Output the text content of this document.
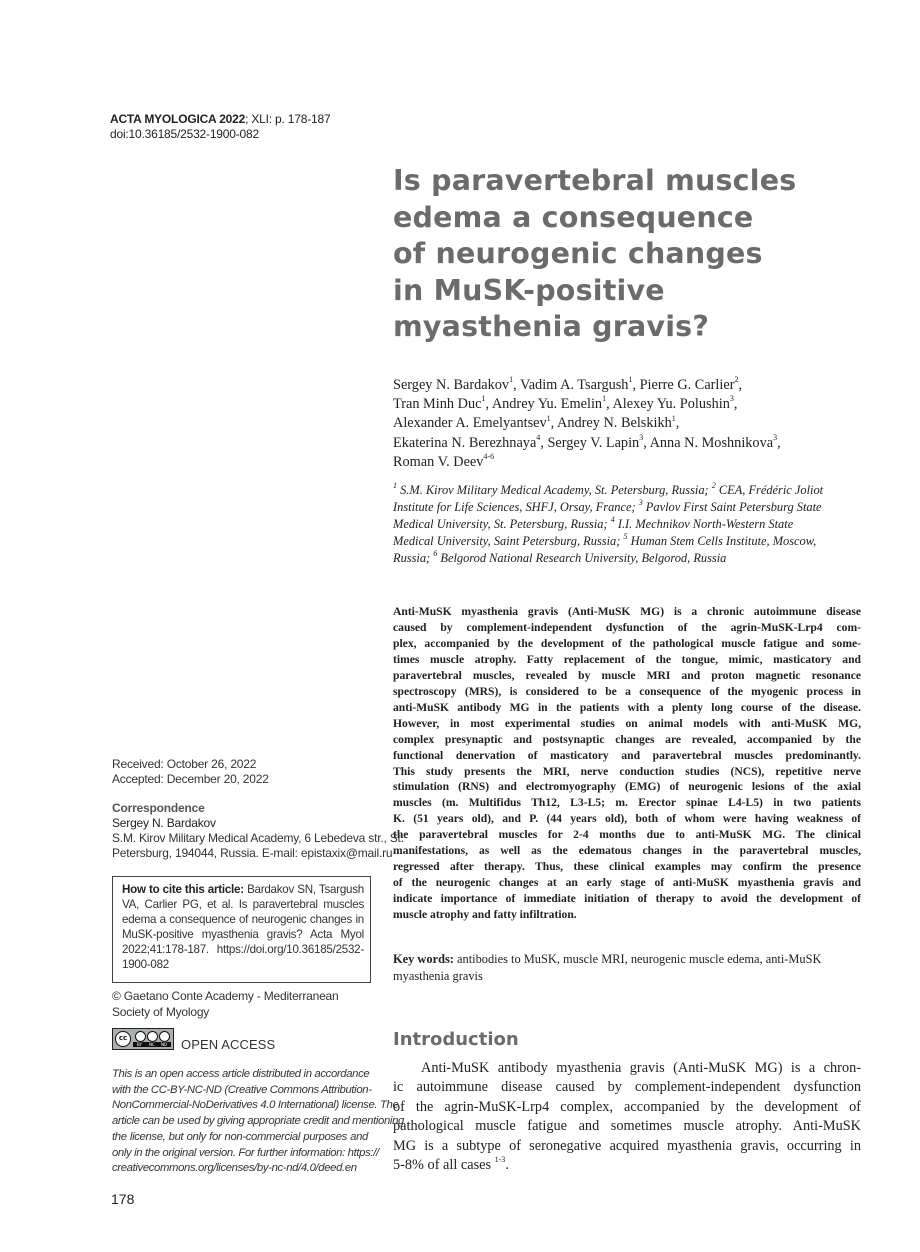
ACTA MYOLOGICA 2022; XLI: p. 178-187
doi:10.36185/2532-1900-082
Is paravertebral muscles
edema a consequence
of neurogenic changes
in MuSK-positive
myasthenia gravis?
Sergey N. Bardakov$^1$, Vadim A. Tsargush$^1$, Pierre G. Carlier$^2$,
Tran Minh Duc$^1$, Andrey Yu. Emelin$^1$, Alexey Yu. Polushin$^3$,
Alexander A. Emelyantsev$^1$, Andrey N. Belskikh$^1$,
Ekaterina N. Berezhnaya$^4$, Sergey V. Lapin$^3$, Anna N. Moshnikova$^3$,
Roman V. Deev$^{4-6}$
$^1$ S.M. Kirov Military Medical Academy, St. Petersburg, Russia; $^2$ CEA, Frédéric Joliot
Institute for Life Sciences, SHFJ, Orsay, France; $^3$ Pavlov First Saint Petersburg State
Medical University, St. Petersburg, Russia; $^4$ I.I. Mechnikov North-Western State
Medical University, Saint Petersburg, Russia; $^5$ Human Stem Cells Institute, Moscow,
Russia; $^6$ Belgorod National Research University, Belgorod, Russia
Anti-MuSK myasthenia gravis (Anti-MuSK MG) is a chronic autoimmune disease
caused by complement-independent dysfunction of the agrin-MuSK-Lrp4 com-
plex, accompanied by the development of the pathological muscle fatigue and some-
times muscle atrophy. Fatty replacement of the tongue, mimic, masticatory and
paravertebral muscles, revealed by muscle MRI and proton magnetic resonance
spectroscopy (MRS), is considered to be a consequence of the myogenic process in
anti-MuSK antibody MG in the patients with a plenty long course of the disease.
However, in most experimental studies on animal models with anti-MuSK MG,
complex presynaptic and postsynaptic changes are revealed, accompanied by the
functional denervation of masticatory and paravertebral muscles predominantly.
This study presents the MRI, nerve conduction studies (NCS), repetitive nerve
stimulation (RNS) and electromyography (EMG) of neurogenic lesions of the axial
muscles (m. Multifidus Th12, L3-L5; m. Erector spinae L4-L5) in two patients
K. (51 years old), and P. (44 years old), both of whom were having weakness of
the paravertebral muscles for 2-4 months due to anti-MuSK MG. The clinical
manifestations, as well as the edematous changes in the paravertebral muscles,
regressed after therapy. Thus, these clinical examples may confirm the presence
of the neurogenic changes at an early stage of anti-MuSK myasthenia gravis and
indicate importance of immediate initiation of therapy to avoid the development of
muscle atrophy and fatty infiltration.
Key words: antibodies to MuSK, muscle MRI, neurogenic muscle edema, anti-MuSK myasthenia gravis
Introduction
Anti-MuSK antibody myasthenia gravis (Anti-MuSK MG) is a chron-
ic autoimmune disease caused by complement-independent dysfunction
of the agrin-MuSK-Lrp4 complex, accompanied by the development of
pathological muscle fatigue and sometimes muscle atrophy. Anti-MuSK
MG is a subtype of seronegative acquired myasthenia gravis, occurring in
5-8% of all cases $^{1-3}$.
Received: October 26, 2022
Accepted: December 20, 2022
Correspondence
Sergey N. Bardakov
S.M. Kirov Military Medical Academy, 6 Lebedeva str., St.
Petersburg, 194044, Russia. E-mail: epistaxix@mail.ru
How to cite this article: Bardakov SN, Tsargush
VA, Carlier PG, et al. Is paravertebral muscles
edema a consequence of neurogenic changes in
MuSK-positive myasthenia gravis? Acta Myol
2022;41:178-187. https://doi.org/10.36185/2532-
1900-082
© Gaetano Conte Academy - Mediterranean Society of Myology
cc
BY NC ND OPEN ACCESS
This is an open access article distributed in accordance
with the CC-BY-NC-ND (Creative Commons Attribution-
NonCommercial-NoDerivatives 4.0 International) license. The
article can be used by giving appropriate credit and mentioning
the license, but only for non-commercial purposes and
only in the original version. For further information: https://
creativecommons.org/licenses/by-nc-nd/4.0/deed.en
178
